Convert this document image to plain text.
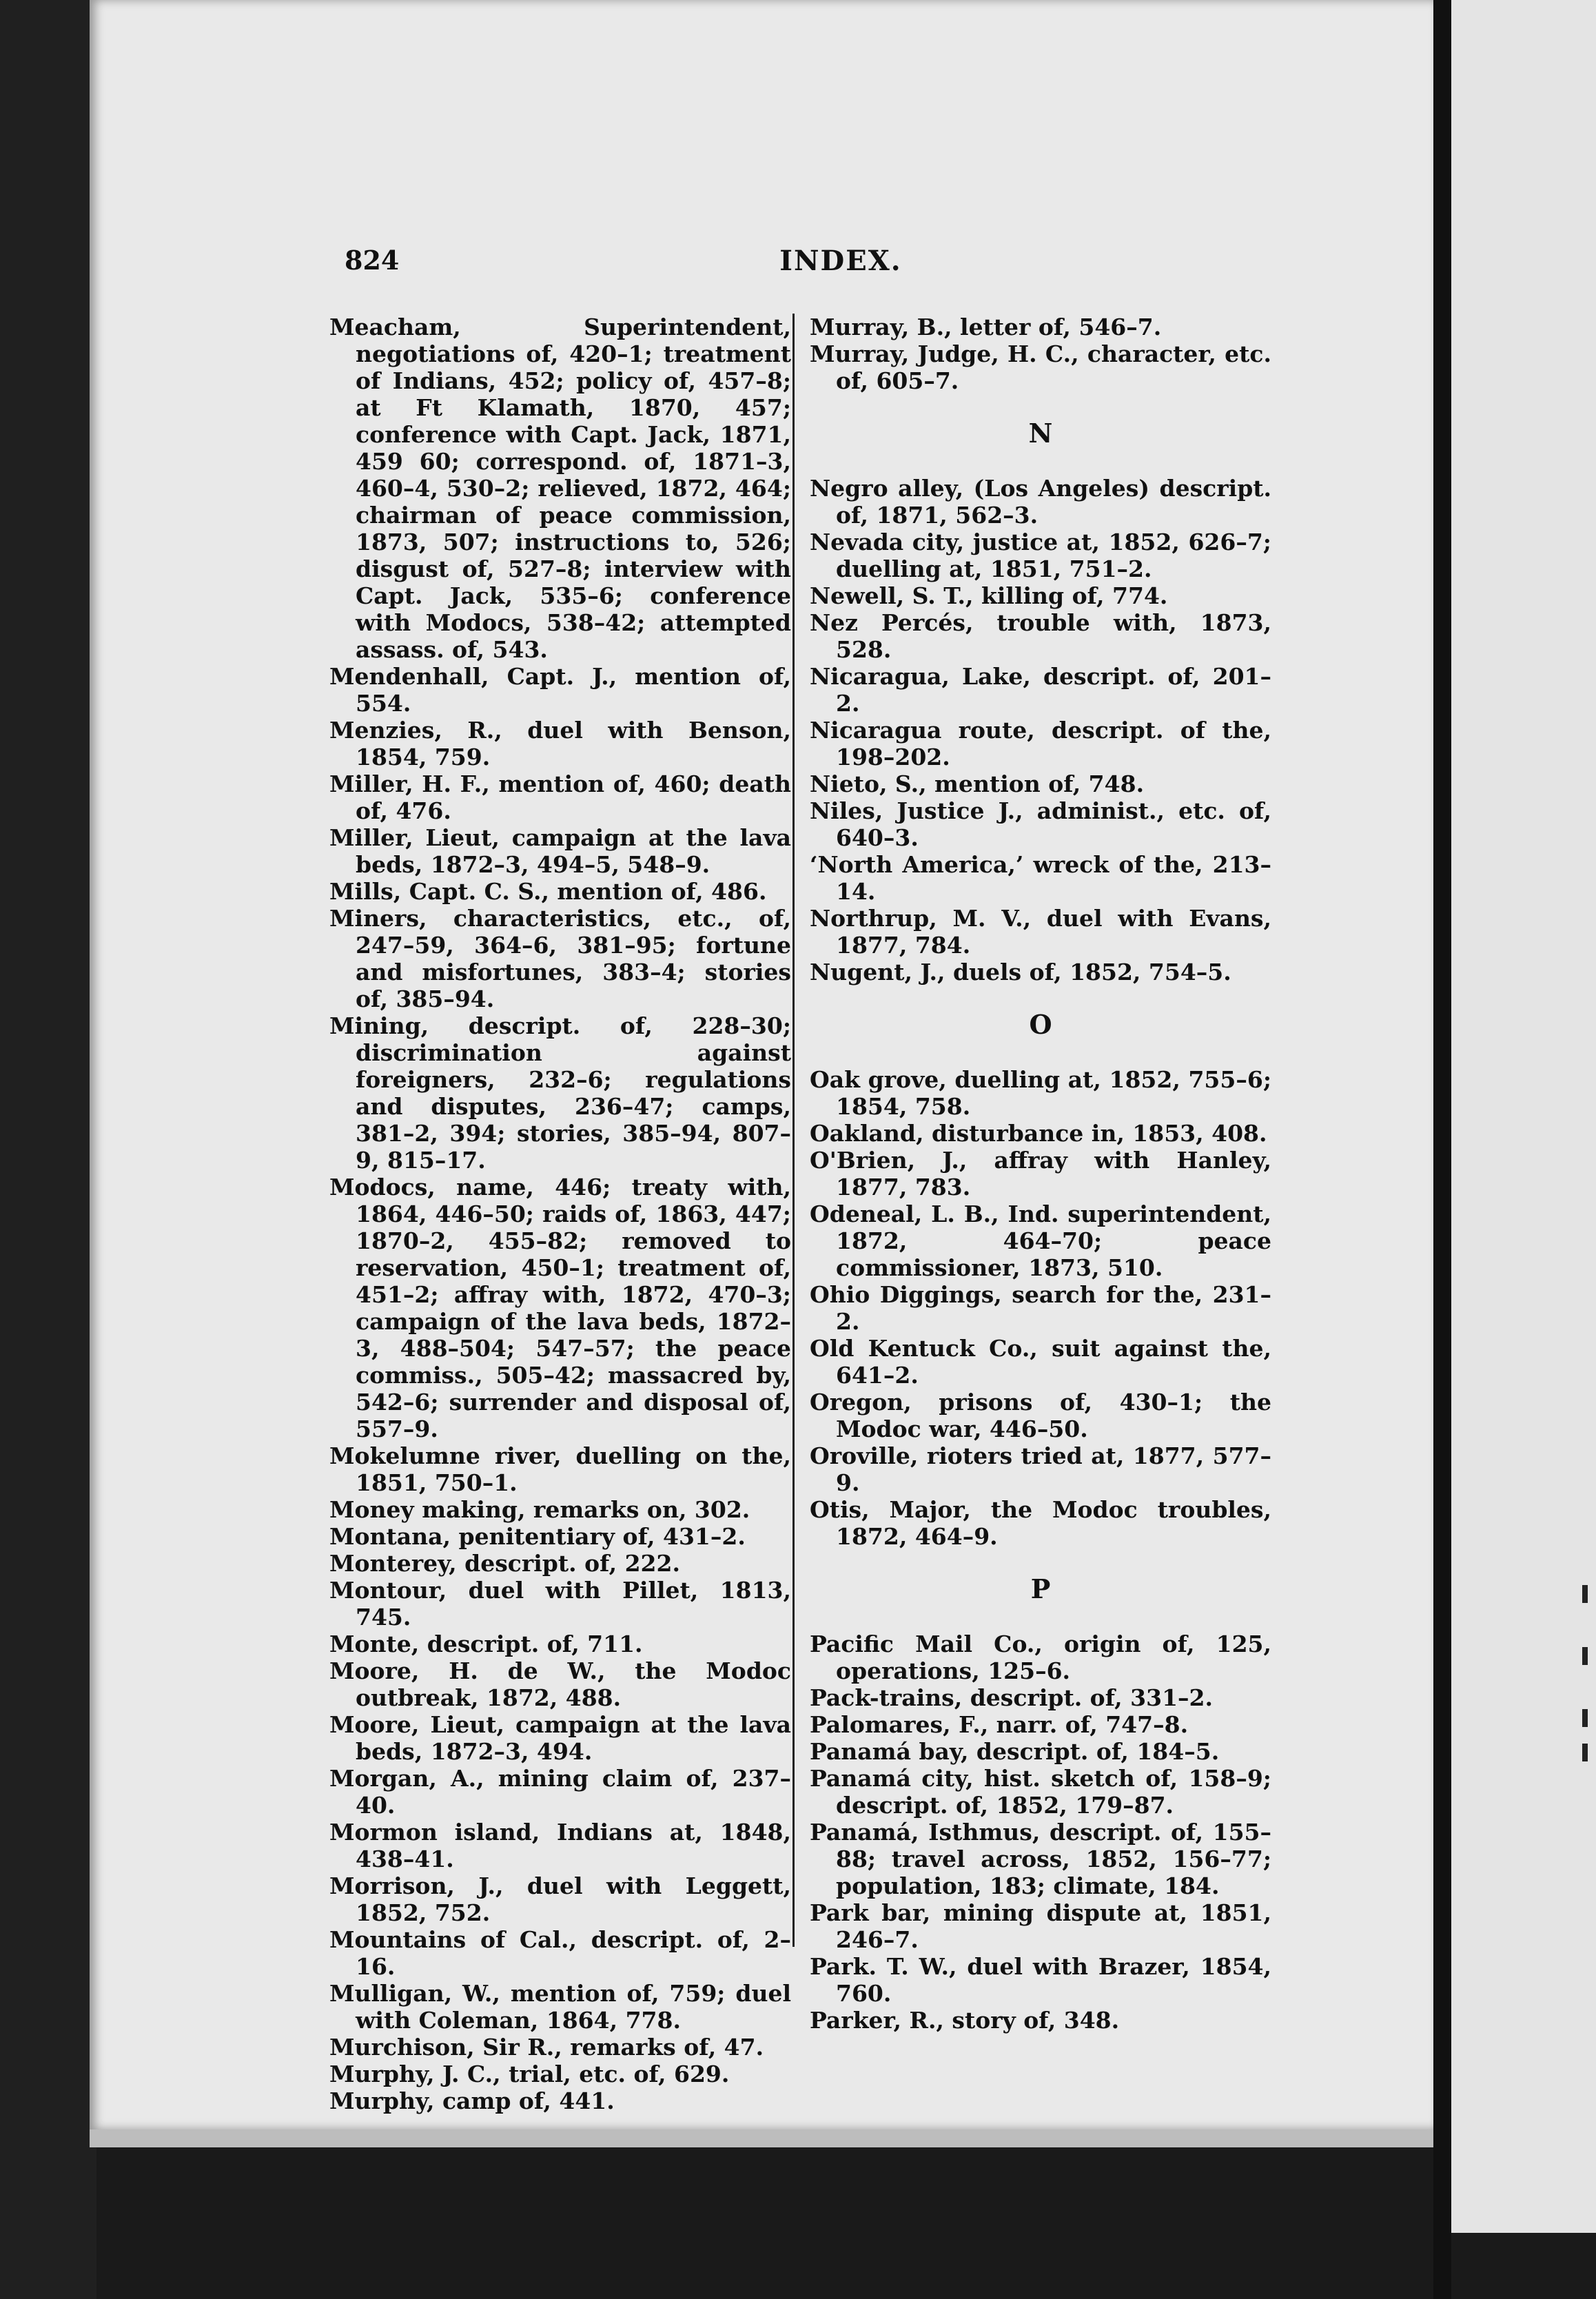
824	INDEX.

Meacham, Superintendent, negotiations of, 420–1; treatment of Indians, 452; policy of, 457–8; at Ft Klamath, 1870, 457; conference with Capt. Jack, 1871, 459 60; correspond. of, 1871–3, 460–4, 530–2; relieved, 1872, 464; chairman of peace commission, 1873, 507; instructions to, 526; disgust of, 527–8; interview with Capt. Jack, 535–6; conference with Modocs, 538–42; attempted assass. of, 543.

Mendenhall, Capt. J., mention of, 554.

Menzies, R., duel with Benson, 1854, 759.

Miller, H. F., mention of, 460; death of, 476.

Miller, Lieut, campaign at the lava beds, 1872–3, 494–5, 548–9.

Mills, Capt. C. S., mention of, 486.

Miners, characteristics, etc., of, 247–59, 364–6, 381–95; fortune and misfortunes, 383–4; stories of, 385–94.

Mining, descript. of, 228–30; discrimination against foreigners, 232–6; regulations and disputes, 236–47; camps, 381–2, 394; stories, 385–94, 807–9, 815–17.

Modocs, name, 446; treaty with, 1864, 446–50; raids of, 1863, 447; 1870–2, 455–82; removed to reservation, 450–1; treatment of, 451–2; affray with, 1872, 470–3; campaign of the lava beds, 1872–3, 488–504; 547–57; the peace commiss., 505–42; massacred by, 542–6; surrender and disposal of, 557–9.

Mokelumne river, duelling on the, 1851, 750–1.

Money making, remarks on, 302.

Montana, penitentiary of, 431–2.

Monterey, descript. of, 222.

Montour, duel with Pillet, 1813, 745.

Monte, descript. of, 711.

Moore, H. de W., the Modoc outbreak, 1872, 488.

Moore, Lieut, campaign at the lava beds, 1872–3, 494.

Morgan, A., mining claim of, 237–40.

Mormon island, Indians at, 1848, 438–41.

Morrison, J., duel with Leggett, 1852, 752.

Mountains of Cal., descript. of, 2–16.

Mulligan, W., mention of, 759; duel with Coleman, 1864, 778.

Murchison, Sir R., remarks of, 47.

Murphy, J. C., trial, etc. of, 629.

Murphy, camp of, 441.

Murray, B., letter of, 546–7.

Murray, Judge, H. C., character, etc. of, 605–7.

N

Negro alley, (Los Angeles) descript. of, 1871, 562–3.

Nevada city, justice at, 1852, 626–7; duelling at, 1851, 751–2.

Newell, S. T., killing of, 774.

Nez Percés, trouble with, 1873, 528.

Nicaragua, Lake, descript. of, 201–2.

Nicaragua route, descript. of the, 198–202.

Nieto, S., mention of, 748.

Niles, Justice J., administ., etc. of, 640–3.

‘North America,’ wreck of the, 213–14.

Northrup, M. V., duel with Evans, 1877, 784.

Nugent, J., duels of, 1852, 754–5.

O

Oak grove, duelling at, 1852, 755–6; 1854, 758.

Oakland, disturbance in, 1853, 408.

O'Brien, J., affray with Hanley, 1877, 783.

Odeneal, L. B., Ind. superintendent, 1872, 464–70; peace commissioner, 1873, 510.

Ohio Diggings, search for the, 231–2.

Old Kentuck Co., suit against the, 641–2.

Oregon, prisons of, 430–1; the Modoc war, 446–50.

Oroville, rioters tried at, 1877, 577–9.

Otis, Major, the Modoc troubles, 1872, 464–9.

P

Pacific Mail Co., origin of, 125, operations, 125–6.

Pack-trains, descript. of, 331–2.

Palomares, F., narr. of, 747–8.

Panamá bay, descript. of, 184–5.

Panamá city, hist. sketch of, 158–9; descript. of, 1852, 179–87.

Panamá, Isthmus, descript. of, 155–88; travel across, 1852, 156–77; population, 183; climate, 184.

Park bar, mining dispute at, 1851, 246–7.

Park. T. W., duel with Brazer, 1854, 760.

Parker, R., story of, 348.
